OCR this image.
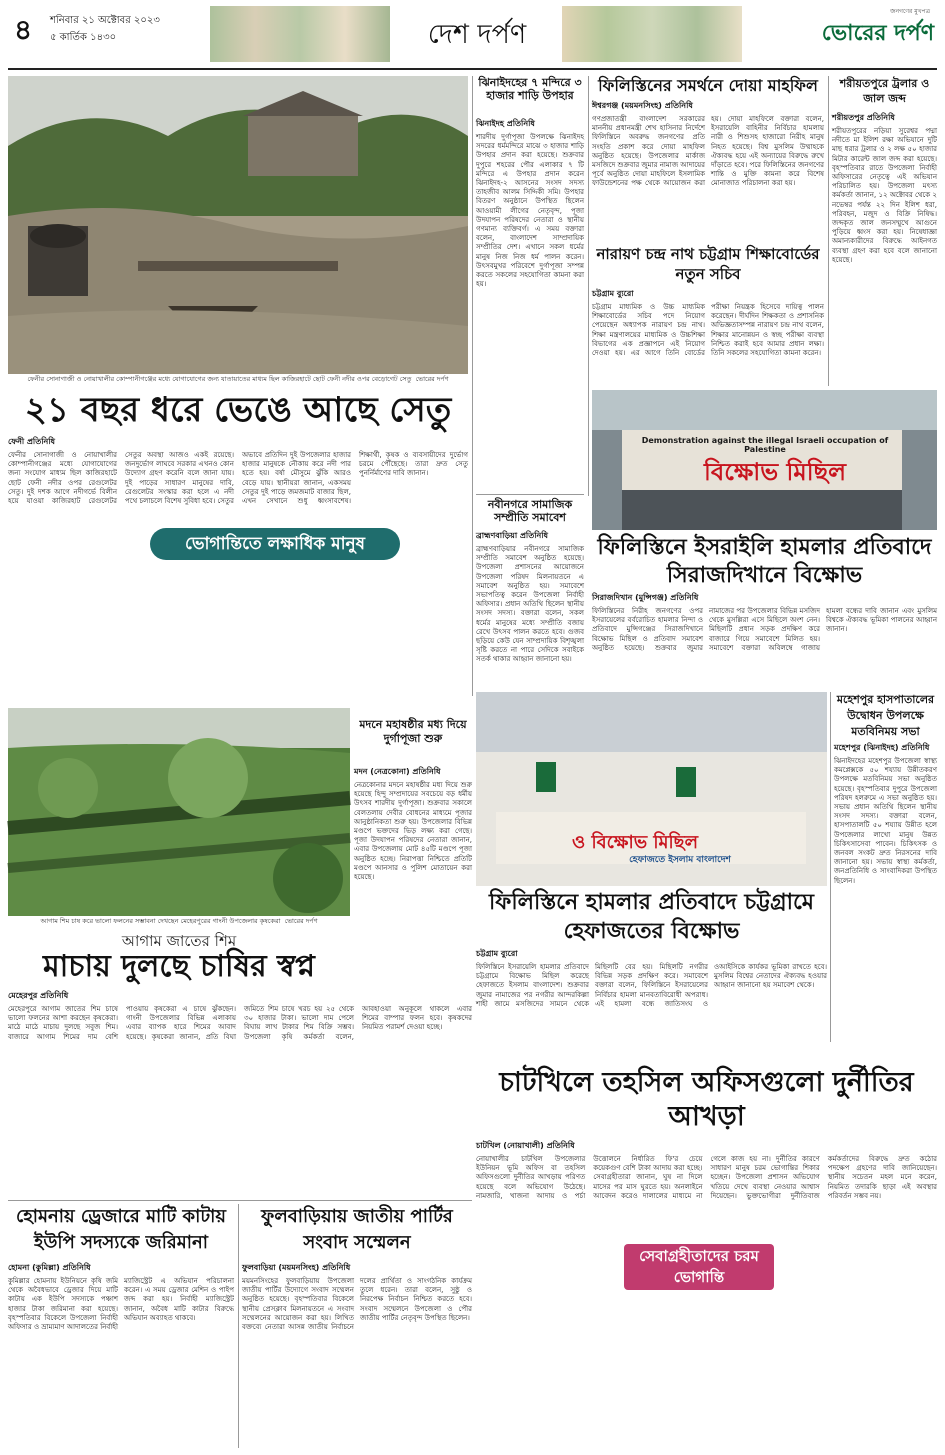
৪	শনিবার ২১ অক্টোবর ২০২৩
৫ কার্তিক ১৪৩০	দেশ দর্পণ
জনগণের মুখপত্র
ভোরের দর্পণ
ফেনীর সোনাগাজী ও নোয়াখালীর কোম্পানীগঞ্জের মধ্যে যোগাযোগের জন্য যাতায়াতের মাধ্যম ছিল কাজিরহাটে ছোট ফেনী নদীর ওপর বেড়োগেট সেতু ভোরের দর্পণ
২১ বছর ধরে ভেঙে আছে সেতু
ফেনী প্রতিনিধি
ফেনীর সোনাগাজী ও নোয়াখালীর কোম্পানীগঞ্জের মধ্যে যোগাযোগের জন্য সংযোগ মাধ্যম ছিল কাজিরহাটে ছোট ফেনী নদীর ওপর রেগুলেটর সেতু। দুই দশক আগে নদীগর্ভে বিলীন হয়ে যাওয়া কাজিরহাট রেগুলেটর সেতুর অবস্থা আজও একই রয়েছে। জনদুর্ভোগ লাঘবে সরকার এখনও কোন উদ্যোগ গ্রহণ করেনি বলে জানা যায়। দুই পাড়ের সাধারণ মানুষের দাবি, রেগুলেটর সংস্কার করা হলে এ নদী পথে চলাচলে বিশেষ সুবিধা হবে। সেতুর অভাবে প্রতিদিন দুই উপজেলার হাজার হাজার মানুষকে নৌকায় করে নদী পার হতে হয়। বর্ষা মৌসুমে ঝুঁকি আরও বেড়ে যায়। স্থানীয়রা জানান, একসময় সেতুর দুই পাড়ে জমজমাট বাজার ছিল, এখন সেখানে শুধু ধ্বংসাবশেষ। শিক্ষার্থী, কৃষক ও ব্যবসায়ীদের দুর্ভোগ চরমে পৌঁছেছে। তারা দ্রুত সেতু পুনর্নির্মাণের দাবি জানান।
ভোগান্তিতে লক্ষাধিক মানুষ
ঝিনাইদহের ৭ মন্দিরে ৩ হাজার শাড়ি উপহার
ঝিনাইদহ প্রতিনিধি
শারদীয় দুর্গাপূজা উপলক্ষে ঝিনাইদহ সদরের ধর্মমন্দিরে মাঝে ৩ হাজার শাড়ি উপহার প্রদান করা হয়েছে। শুক্রবার দুপুরে শহরের পৌর এলাকার ৭ টি মন্দিরে এ উপহার প্রদান করেন ঝিনাইদহ-২ আসনের সংসদ সদস্য তাহজীব আলম সিদ্দিকী সমি। উপহার বিতরণ অনুষ্ঠানে উপস্থিত ছিলেন আওয়ামী লীগের নেতৃবৃন্দ, পূজা উদযাপন পরিষদের নেতারা ও স্থানীয় গণমান্য ব্যক্তিবর্গ। এ সময় বক্তারা বলেন, বাংলাদেশ সাম্প্রদায়িক সম্প্রীতির দেশ। এখানে সকল ধর্মের মানুষ নিজ নিজ ধর্ম পালন করেন। উৎসবমুখর পরিবেশে দুর্গাপূজা সম্পন্ন করতে সকলের সহযোগিতা কামনা করা হয়।
নবীনগরে সামাজিক সম্প্রীতি সমাবেশ
ব্রাহ্মণবাড়িয়া প্রতিনিধি
ব্রাহ্মণবাড়িয়ার নবীনগরে সামাজিক সম্প্রীতি সমাবেশ অনুষ্ঠিত হয়েছে। উপজেলা প্রশাসনের আয়োজনে উপজেলা পরিষদ মিলনায়তনে এ সমাবেশ অনুষ্ঠিত হয়। সমাবেশে সভাপতিত্ব করেন উপজেলা নির্বাহী অফিসার। প্রধান অতিথি ছিলেন স্থানীয় সংসদ সদস্য। বক্তারা বলেন, সকল ধর্মের মানুষের মধ্যে সম্প্রীতি বজায় রেখে উৎসব পালন করতে হবে। গুজব ছড়িয়ে কেউ যেন সাম্প্রদায়িক বিশৃঙ্খলা সৃষ্টি করতে না পারে সেদিকে সবাইকে সতর্ক থাকার আহ্বান জানানো হয়।
আগাম শিম চাষ করে ভালো ফলনের সম্ভাবনা দেখছেন মেহেরপুরের গাংনী উপজেলার কৃষকেরা ভোরের দর্পণ
মদনে মহাষষ্ঠীর মধ্য দিয়ে দুর্গাপূজা শুরু
মদন (নেত্রকোনা) প্রতিনিধি
নেত্রকোনার মদনে মহাষষ্ঠীর মধ্য দিয়ে শুরু হয়েছে হিন্দু সম্প্রদায়ের সবচেয়ে বড় ধর্মীয় উৎসব শারদীয় দুর্গাপূজা। শুক্রবার সকালে বেলতলায় দেবীর বোধনের মাধ্যমে পূজার আনুষ্ঠানিকতা শুরু হয়। উপজেলার বিভিন্ন মণ্ডপে ভক্তদের ভিড় লক্ষ্য করা গেছে। পূজা উদযাপন পরিষদের নেতারা জানান, এবার উপজেলায় মোট ৪৫টি মণ্ডপে পূজা অনুষ্ঠিত হচ্ছে। নিরাপত্তা নিশ্চিতে প্রতিটি মণ্ডপে আনসার ও পুলিশ মোতায়েন করা হয়েছে।
ফিলিস্তিনের সমর্থনে দোয়া মাহফিল
ঈশ্বরগঞ্জ (ময়মনসিংহ) প্রতিনিধি
গণপ্রজাতন্ত্রী বাংলাদেশ সরকারের মাননীয় প্রধানমন্ত্রী শেখ হাসিনার নির্দেশে ফিলিস্তিনে অবরুদ্ধ জনগণের প্রতি সংহতি প্রকাশ করে দোয়া মাহফিল অনুষ্ঠিত হয়েছে। উপজেলার মার্কাজ মসজিদে শুক্রবার জুমার নামাজ আদায়ের পূর্বে অনুষ্ঠিত দোয়া মাহফিলে ইসলামিক ফাউন্ডেশনের পক্ষ থেকে আয়োজন করা হয়। দোয়া মাহফিলে বক্তারা বলেন, ইসরায়েলি বাহিনীর নির্বিচার হামলায় নারী ও শিশুসহ হাজারো নিরীহ মানুষ নিহত হয়েছে। বিশ্ব মুসলিম উম্মাহকে ঐক্যবদ্ধ হয়ে এই অন্যায়ের বিরুদ্ধে রুখে দাঁড়াতে হবে। পরে ফিলিস্তিনের জনগণের শান্তি ও মুক্তি কামনা করে বিশেষ মোনাজাত পরিচালনা করা হয়।
শরীয়তপুরে ট্রলার ও জাল জব্দ
শরীয়তপুর প্রতিনিধি
শরীয়তপুরের নড়িয়া সুরেশ্বর পদ্মা নদীতে মা ইলিশ রক্ষা অভিযানে দুটি মাছ ধরার ট্রলার ও ২ লক্ষ ৫০ হাজার মিটার কারেন্ট জাল জব্দ করা হয়েছে। বৃহস্পতিবার রাতে উপজেলা নির্বাহী অফিসারের নেতৃত্বে এই অভিযান পরিচালিত হয়। উপজেলা মৎস্য কর্মকর্তা জানান, ১২ অক্টোবর থেকে ২ নভেম্বর পর্যন্ত ২২ দিন ইলিশ ধরা, পরিবহন, মজুদ ও বিক্রি নিষিদ্ধ। জব্দকৃত জাল জনসম্মুখে আগুনে পুড়িয়ে ধ্বংস করা হয়। নিষেধাজ্ঞা অমান্যকারীদের বিরুদ্ধে আইনগত ব্যবস্থা গ্রহণ করা হবে বলে জানানো হয়েছে।
নারায়ণ চন্দ্র নাথ চট্টগ্রাম শিক্ষাবোর্ডের নতুন সচিব
চট্টগ্রাম ব্যুরো
চট্টগ্রাম মাধ্যমিক ও উচ্চ মাধ্যমিক শিক্ষাবোর্ডের সচিব পদে নিয়োগ পেয়েছেন অধ্যাপক নারায়ণ চন্দ্র নাথ। শিক্ষা মন্ত্রণালয়ের মাধ্যমিক ও উচ্চশিক্ষা বিভাগের এক প্রজ্ঞাপনে এই নিয়োগ দেওয়া হয়। এর আগে তিনি বোর্ডের পরীক্ষা নিয়ন্ত্রক হিসেবে দায়িত্ব পালন করেছেন। দীর্ঘদিন শিক্ষকতা ও প্রশাসনিক অভিজ্ঞতাসম্পন্ন নারায়ণ চন্দ্র নাথ বলেন, শিক্ষার মানোন্নয়ন ও স্বচ্ছ পরীক্ষা ব্যবস্থা নিশ্চিত করাই হবে আমার প্রধান লক্ষ্য। তিনি সকলের সহযোগিতা কামনা করেন।
Demonstration against the illegal Israeli occupation of Palestine
বিক্ষোভ মিছিল
ফিলিস্তিনে ইসরাইলি হামলার প্রতিবাদে সিরাজদিখানে বিক্ষোভ
সিরাজদিখান (মুন্সিগঞ্জ) প্রতিনিধি
ফিলিস্তিনের নিরীহ জনগণের ওপর ইসরায়েলের বর্বরোচিত হামলার নিন্দা ও প্রতিবাদে মুন্সিগঞ্জের সিরাজদিখানে বিক্ষোভ মিছিল ও প্রতিবাদ সমাবেশ অনুষ্ঠিত হয়েছে। শুক্রবার জুমার নামাজের পর উপজেলার বিভিন্ন মসজিদ থেকে মুসল্লিরা এসে মিছিলে অংশ নেন। মিছিলটি প্রধান সড়ক প্রদক্ষিণ করে বাজারে গিয়ে সমাবেশে মিলিত হয়। সমাবেশে বক্তারা অবিলম্বে গাজায় হামলা বন্ধের দাবি জানান এবং মুসলিম বিশ্বকে ঐক্যবদ্ধ ভূমিকা পালনের আহ্বান জানান।
হেফাজতে ইসলাম বাংলাদেশ
ও বিক্ষোভ মিছিল
মহেশপুর হাসপাতালের উদ্বোধন উপলক্ষে মতবিনিময় সভা
মহেশপুর (ঝিনাইদহ) প্রতিনিধি
ঝিনাইদহের মহেশপুর উপজেলা স্বাস্থ্য কমপ্লেক্সকে ৫০ শয্যায় উন্নীতকরণ উপলক্ষে মতবিনিময় সভা অনুষ্ঠিত হয়েছে। বৃহস্পতিবার দুপুরে উপজেলা পরিষদ হলরুমে এ সভা অনুষ্ঠিত হয়। সভায় প্রধান অতিথি ছিলেন স্থানীয় সংসদ সদস্য। বক্তারা বলেন, হাসপাতালটি ৫০ শয্যায় উন্নীত হলে উপজেলার লাখো মানুষ উন্নত চিকিৎসাসেবা পাবেন। চিকিৎসক ও জনবল সংকট দ্রুত নিরসনের দাবি জানানো হয়। সভায় স্বাস্থ্য কর্মকর্তা, জনপ্রতিনিধি ও সাংবাদিকরা উপস্থিত ছিলেন।
ফিলিস্তিনে হামলার প্রতিবাদে চট্টগ্রামে হেফাজতের বিক্ষোভ
চট্টগ্রাম ব্যুরো
ফিলিস্তিনে ইসরায়েলি হামলার প্রতিবাদে চট্টগ্রামে বিক্ষোভ মিছিল করেছে হেফাজতে ইসলাম বাংলাদেশ। শুক্রবার জুমার নামাজের পর নগরীর আন্দরকিল্লা শাহী জামে মসজিদের সামনে থেকে মিছিলটি বের হয়। মিছিলটি নগরীর বিভিন্ন সড়ক প্রদক্ষিণ করে। সমাবেশে বক্তারা বলেন, ফিলিস্তিনে ইসরায়েলের নির্বিচার হামলা মানবতাবিরোধী অপরাধ। এই হামলা বন্ধে জাতিসংঘ ও ওআইসিকে কার্যকর ভূমিকা রাখতে হবে। মুসলিম বিশ্বের নেতাদের ঐক্যবদ্ধ হওয়ার আহ্বান জানানো হয় সমাবেশ থেকে।
আগাম জাতের শিম
মাচায় দুলছে চাষির স্বপ্ন
মেহেরপুর প্রতিনিধি
মেহেরপুরে আগাম জাতের শিম চাষে ভালো ফলনের আশা করছেন কৃষকেরা। মাঠে মাঠে মাচায় দুলছে সবুজ শিম। বাজারে আগাম শিমের দাম বেশি পাওয়ায় কৃষকেরা এ চাষে ঝুঁকছেন। গাংনী উপজেলার বিভিন্ন এলাকায় এবার ব্যাপক হারে শিমের আবাদ হয়েছে। কৃষকেরা জানান, প্রতি বিঘা জমিতে শিম চাষে খরচ হয় ২৫ থেকে ৩০ হাজার টাকা। ভালো দাম পেলে বিঘায় লাখ টাকার শিম বিক্রি সম্ভব। উপজেলা কৃষি কর্মকর্তা বলেন, আবহাওয়া অনুকূলে থাকলে এবার শিমের বাম্পার ফলন হবে। কৃষকদের নিয়মিত পরামর্শ দেওয়া হচ্ছে।
চাটখিলে তহসিল অফিসগুলো দুর্নীতির আখড়া
চাটখিল (নোয়াখালী) প্রতিনিধি
নোয়াখালীর চাটখিল উপজেলার ইউনিয়ন ভূমি অফিস বা তহসিল অফিসগুলো দুর্নীতির আখড়ায় পরিণত হয়েছে বলে অভিযোগ উঠেছে। নামজারি, খাজনা আদায় ও পর্চা উত্তোলনে নির্ধারিত ফি'র চেয়ে কয়েকগুণ বেশি টাকা আদায় করা হচ্ছে। সেবাগ্রহীতারা জানান, ঘুষ না দিলে মাসের পর মাস ঘুরতে হয়। অনলাইনে আবেদন করেও দালালের মাধ্যমে না গেলে কাজ হয় না। দুর্নীতির কারণে সাধারণ মানুষ চরম ভোগান্তির শিকার হচ্ছেন। উপজেলা প্রশাসন অভিযোগ খতিয়ে দেখে ব্যবস্থা নেওয়ার আশ্বাস দিয়েছেন। ভুক্তভোগীরা দুর্নীতিবাজ কর্মকর্তাদের বিরুদ্ধে দ্রুত কঠোর পদক্ষেপ গ্রহণের দাবি জানিয়েছেন। স্থানীয় সচেতন মহল মনে করেন, নিয়মিত তদারকি ছাড়া এই অবস্থার পরিবর্তন সম্ভব নয়।
সেবাগ্রহীতাদের চরম ভোগান্তি
হোমনায় ড্রেজারে মাটি কাটায় ইউপি সদস্যকে জরিমানা
হোমনা (কুমিল্লা) প্রতিনিধি
কুমিল্লার হোমনায় ইউনিয়নে কৃষি জমি থেকে অবৈধভাবে ড্রেজার দিয়ে মাটি কাটায় এক ইউপি সদস্যকে পঞ্চাশ হাজার টাকা জরিমানা করা হয়েছে। বৃহস্পতিবার বিকেলে উপজেলা নির্বাহী অফিসার ও ভ্রাম্যমাণ আদালতের নির্বাহী ম্যাজিস্ট্রেট এ অভিযান পরিচালনা করেন। এ সময় ড্রেজার মেশিন ও পাইপ জব্দ করা হয়। নির্বাহী ম্যাজিস্ট্রেট জানান, অবৈধ মাটি কাটার বিরুদ্ধে অভিযান অব্যাহত থাকবে।
ফুলবাড়িয়ায় জাতীয় পার্টির সংবাদ সম্মেলন
ফুলবাড়িয়া (ময়মনসিংহ) প্রতিনিধি
ময়মনসিংহের ফুলবাড়িয়ায় উপজেলা জাতীয় পার্টির উদ্যোগে সংবাদ সম্মেলন অনুষ্ঠিত হয়েছে। বৃহস্পতিবার বিকেলে স্থানীয় প্রেসক্লাব মিলনায়তনে এ সংবাদ সম্মেলনের আয়োজন করা হয়। লিখিত বক্তব্যে নেতারা আসন্ন জাতীয় নির্বাচনে দলের প্রার্থিতা ও সাংগঠনিক কার্যক্রম তুলে ধরেন। তারা বলেন, সুষ্ঠু ও নিরপেক্ষ নির্বাচন নিশ্চিত করতে হবে। সংবাদ সম্মেলনে উপজেলা ও পৌর জাতীয় পার্টির নেতৃবৃন্দ উপস্থিত ছিলেন।
